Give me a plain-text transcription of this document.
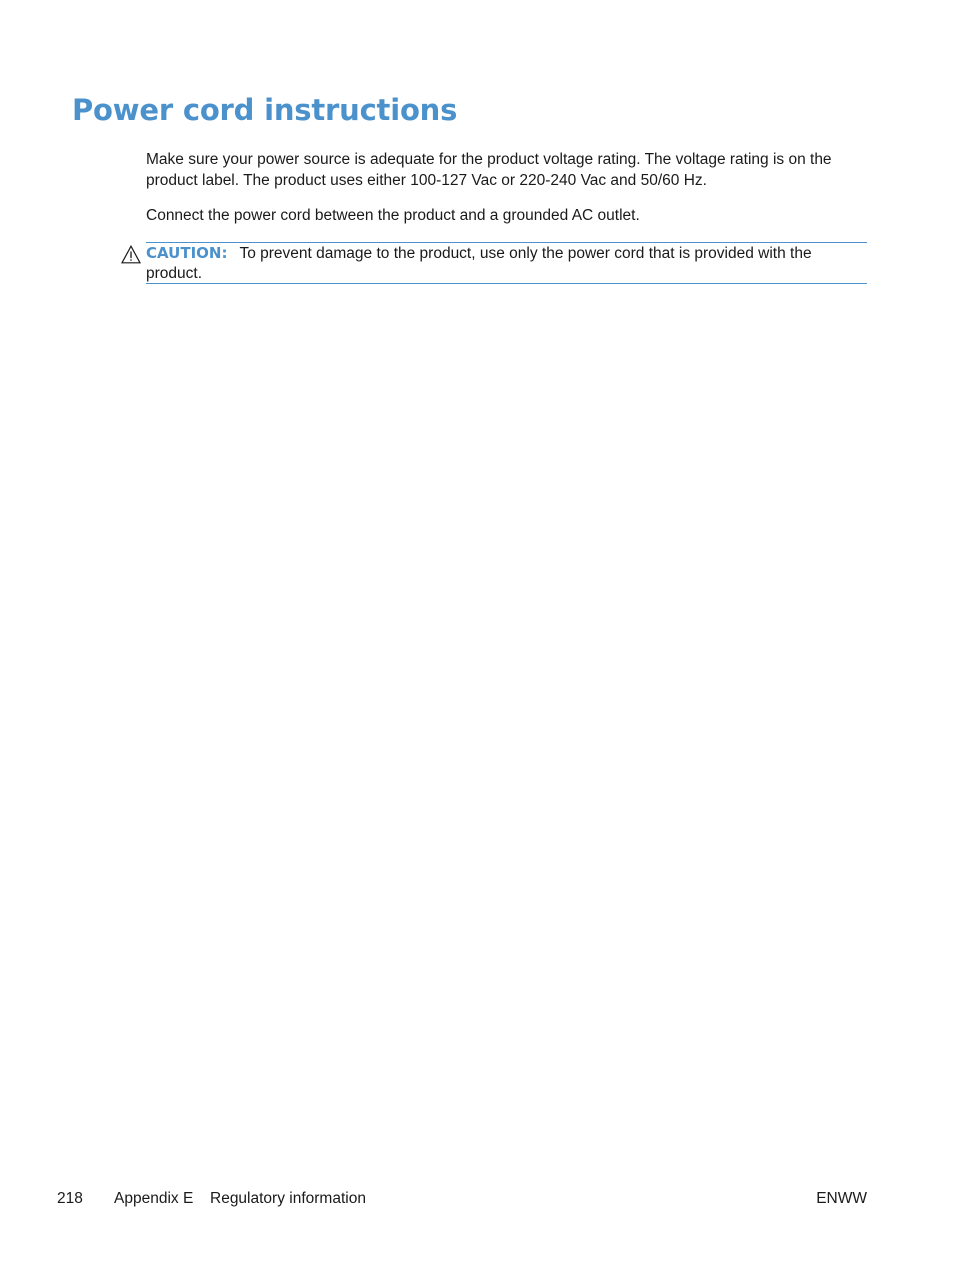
Power cord instructions

Make sure your power source is adequate for the product voltage rating. The voltage rating is on the product label. The product uses either 100-127 Vac or 220-240 Vac and 50/60 Hz.

Connect the power cord between the product and a grounded AC outlet.

CAUTION: To prevent damage to the product, use only the power cord that is provided with the product.

218 Appendix E Regulatory information	ENWW
